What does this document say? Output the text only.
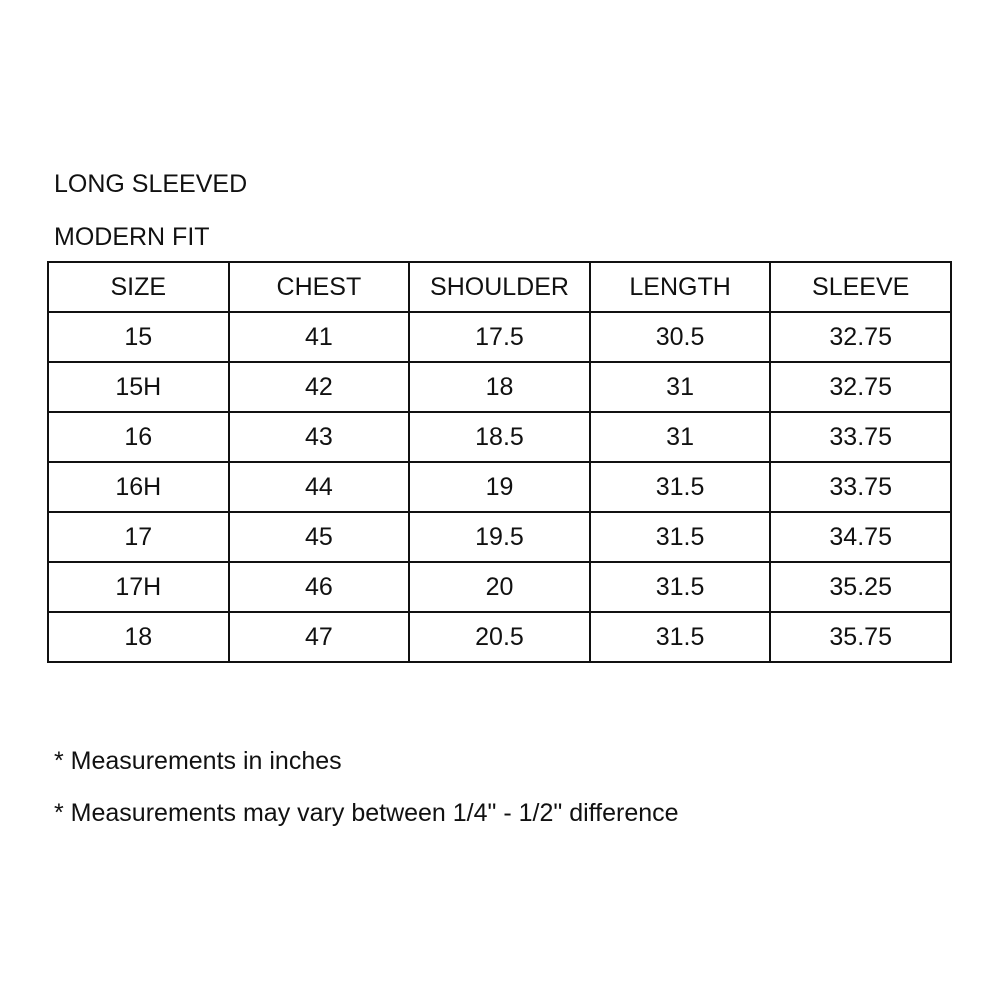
LONG SLEEVED
MODERN FIT
SIZE	CHEST	SHOULDER	LENGTH	SLEEVE
15	41	17.5	30.5	32.75
15H	42	18	31	32.75
16	43	18.5	31	33.75
16H	44	19	31.5	33.75
17	45	19.5	31.5	34.75
17H	46	20	31.5	35.25
18	47	20.5	31.5	35.75
* Measurements in inches
* Measurements may vary between 1/4" - 1/2" difference
